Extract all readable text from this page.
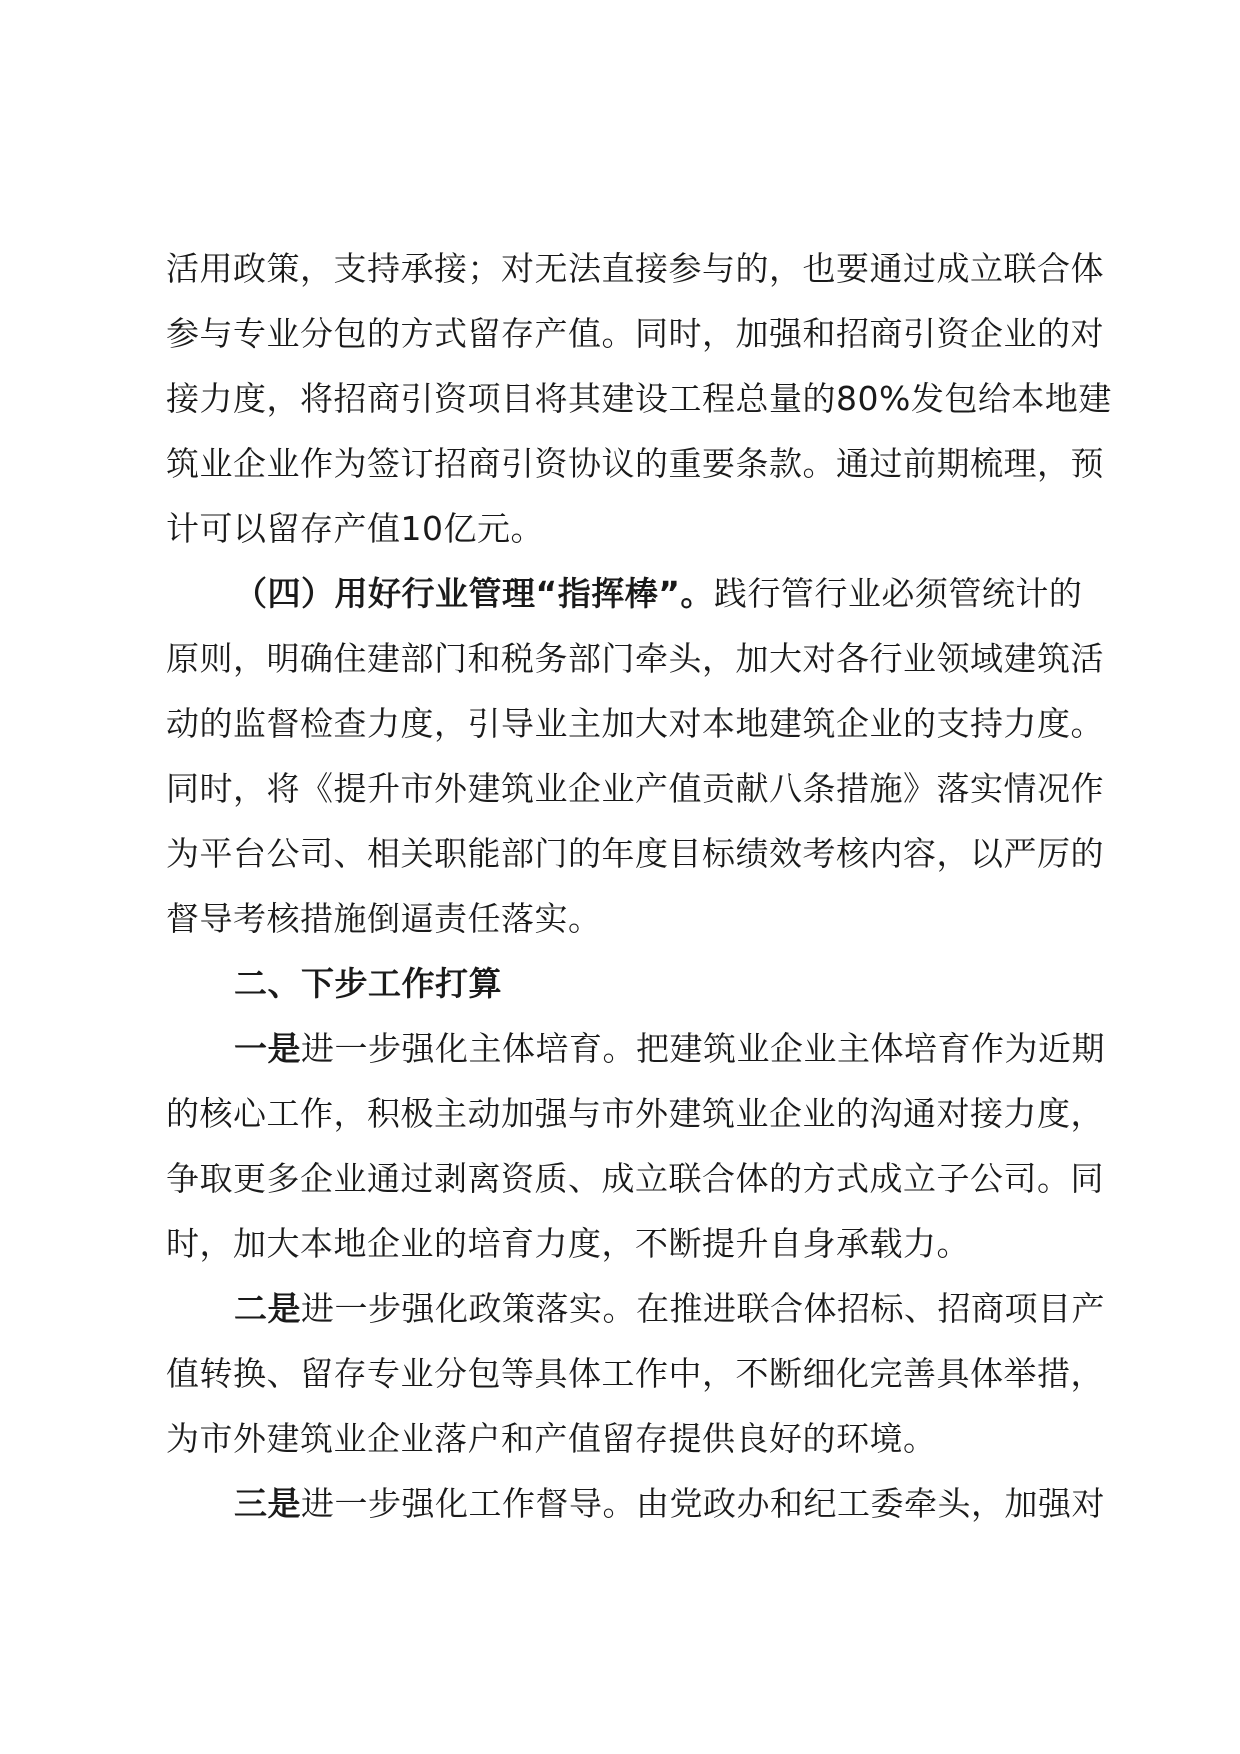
活用政策，支持承接；对无法直接参与的，也要通过成立联合体
参与专业分包的方式留存产值。同时，加强和招商引资企业的对
接力度，将招商引资项目将其建设工程总量的80%发包给本地建
筑业企业作为签订招商引资协议的重要条款。通过前期梳理，预
计可以留存产值10亿元。
（四）用好行业管理“指挥棒”。践行管行业必须管统计的
原则，明确住建部门和税务部门牵头，加大对各行业领域建筑活
动的监督检查力度，引导业主加大对本地建筑企业的支持力度。
同时，将《提升市外建筑业企业产值贡献八条措施》落实情况作
为平台公司、相关职能部门的年度目标绩效考核内容，以严厉的
督导考核措施倒逼责任落实。
二、下步工作打算
一是进一步强化主体培育。把建筑业企业主体培育作为近期
的核心工作，积极主动加强与市外建筑业企业的沟通对接力度，
争取更多企业通过剥离资质、成立联合体的方式成立子公司。同
时，加大本地企业的培育力度，不断提升自身承载力。
二是进一步强化政策落实。在推进联合体招标、招商项目产
值转换、留存专业分包等具体工作中，不断细化完善具体举措，
为市外建筑业企业落户和产值留存提供良好的环境。
三是进一步强化工作督导。由党政办和纪工委牵头，加强对
